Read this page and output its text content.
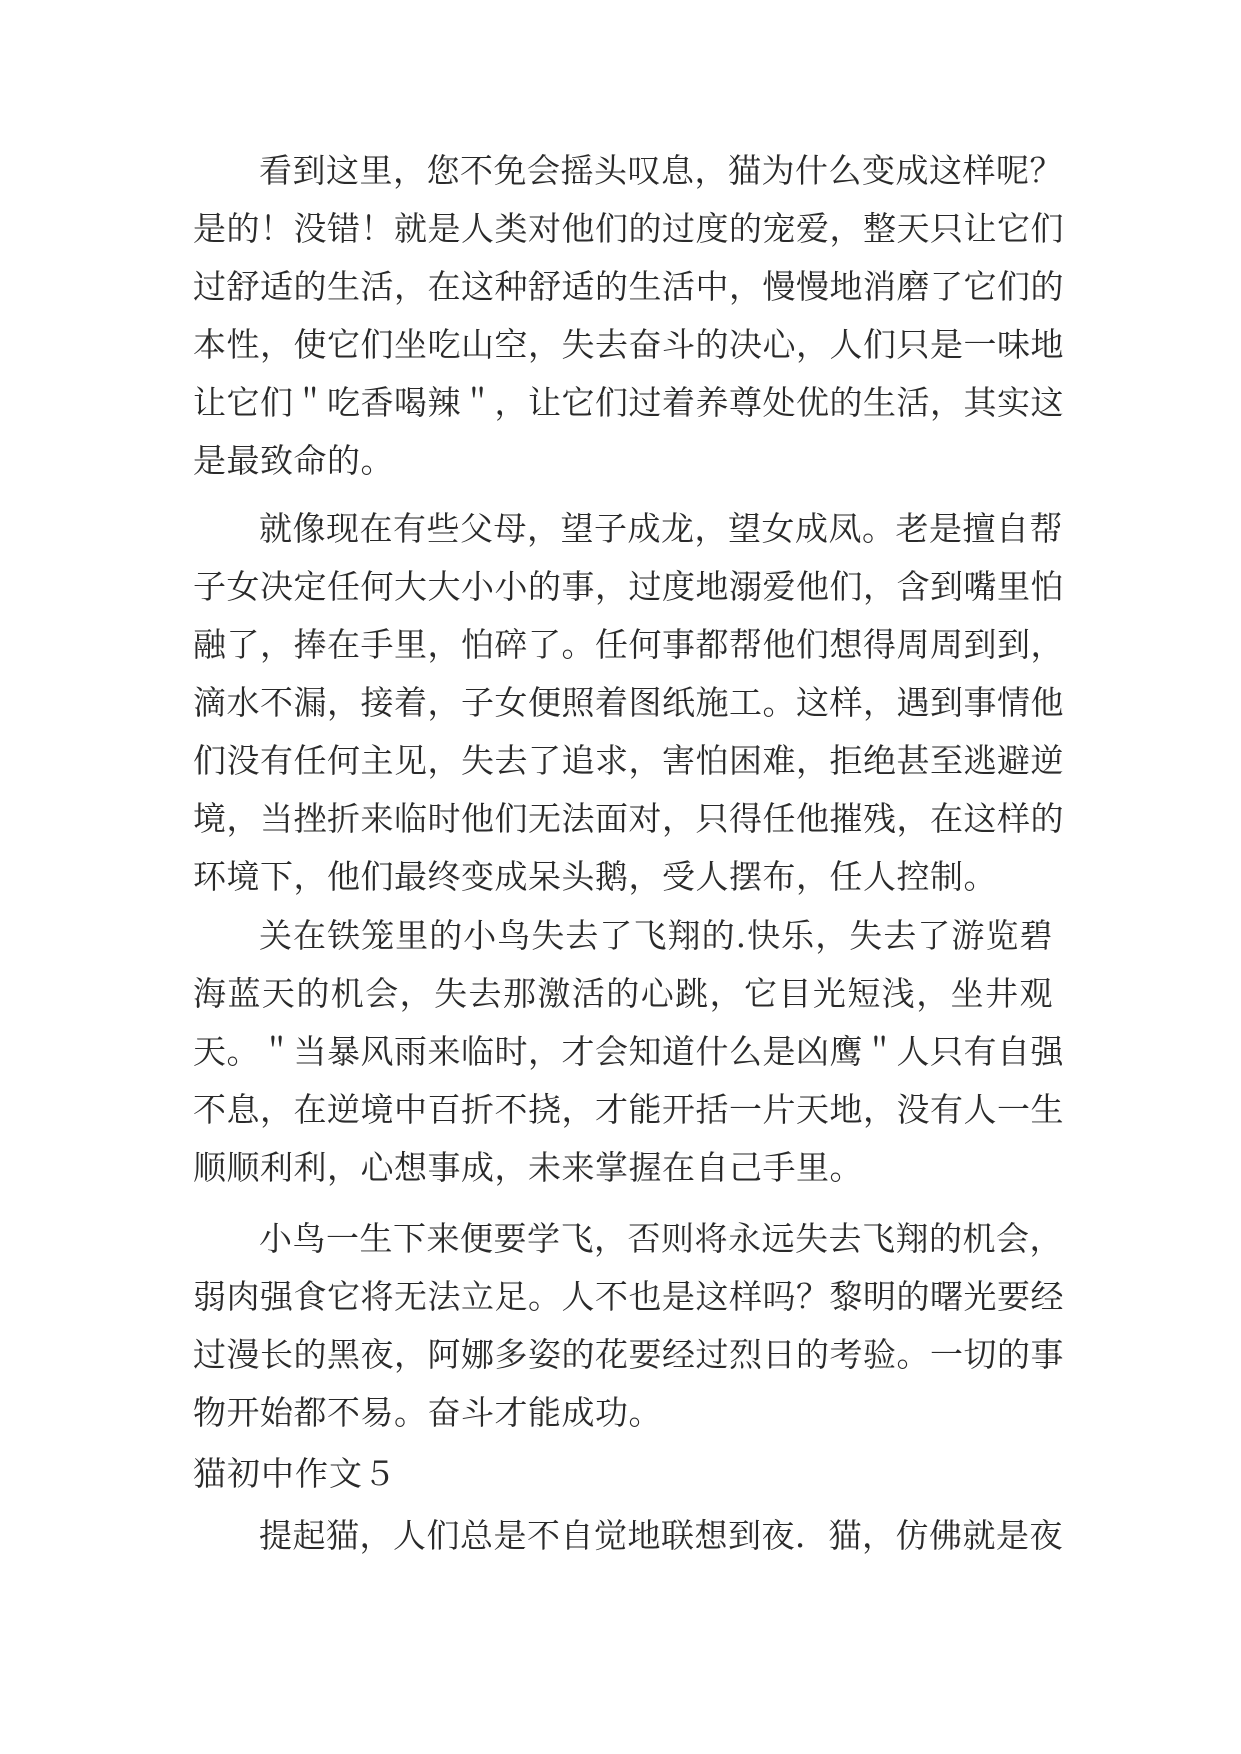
看到这里，您不免会摇头叹息，猫为什么变成这样呢？
是的！没错！就是人类对他们的过度的宠爱，整天只让它们
过舒适的生活，在这种舒适的生活中，慢慢地消磨了它们的
本性，使它们坐吃山空，失去奋斗的决心，人们只是一味地
让它们＂吃香喝辣＂，让它们过着养尊处优的生活，其实这
是最致命的。
就像现在有些父母，望子成龙，望女成凤。老是擅自帮
子女决定任何大大小小的事，过度地溺爱他们，含到嘴里怕
融了，捧在手里，怕碎了。任何事都帮他们想得周周到到，
滴水不漏，接着，子女便照着图纸施工。这样，遇到事情他
们没有任何主见，失去了追求，害怕困难，拒绝甚至逃避逆
境，当挫折来临时他们无法面对，只得任他摧残，在这样的
环境下，他们最终变成呆头鹅，受人摆布，任人控制。
关在铁笼里的小鸟失去了飞翔的.快乐，失去了游览碧
海蓝天的机会，失去那激活的心跳，它目光短浅，坐井观
天。＂当暴风雨来临时，才会知道什么是凶鹰＂人只有自强
不息，在逆境中百折不挠，才能开括一片天地，没有人一生
顺顺利利，心想事成，未来掌握在自己手里。
小鸟一生下来便要学飞，否则将永远失去飞翔的机会，
弱肉强食它将无法立足。人不也是这样吗？黎明的曙光要经
过漫长的黑夜，阿娜多姿的花要经过烈日的考验。一切的事
物开始都不易。奋斗才能成功。
猫初中作文５
提起猫，人们总是不自觉地联想到夜．猫，仿佛就是夜
